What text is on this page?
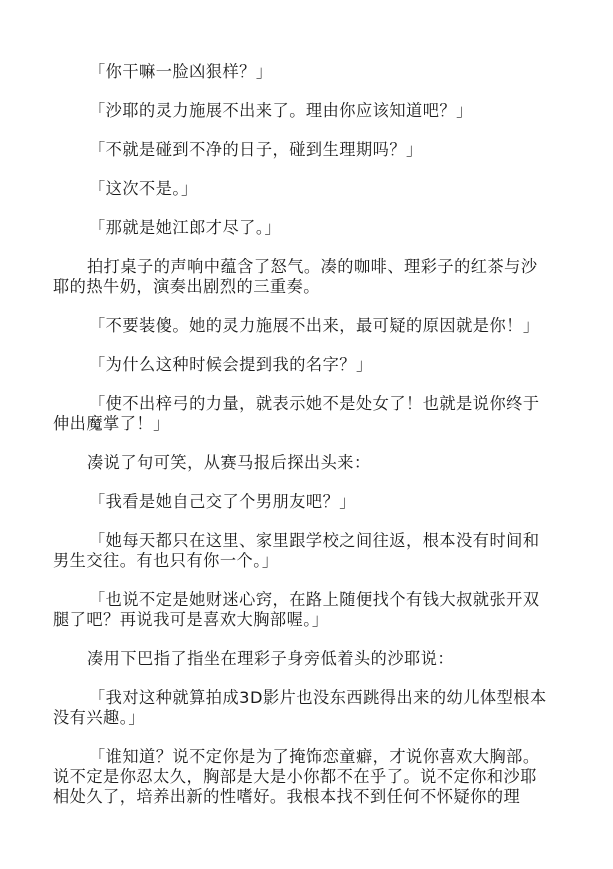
「你干嘛一脸凶狠样？」
「沙耶的灵力施展不出来了。理由你应该知道吧？」
「不就是碰到不净的日子，碰到生理期吗？」
「这次不是。」
「那就是她江郎才尽了。」
拍打桌子的声响中蕴含了怒气。凑的咖啡、理彩子的红茶与沙
耶的热牛奶，演奏出剧烈的三重奏。
「不要装傻。她的灵力施展不出来，最可疑的原因就是你！」
「为什么这种时候会提到我的名字？」
「使不出梓弓的力量，就表示她不是处女了！也就是说你终于
伸出魔掌了！」
凑说了句可笑，从赛马报后探出头来：
「我看是她自己交了个男朋友吧？」
「她每天都只在这里、家里跟学校之间往返，根本没有时间和
男生交往。有也只有你一个。」
「也说不定是她财迷心窍，在路上随便找个有钱大叔就张开双
腿了吧？再说我可是喜欢大胸部喔。」
凑用下巴指了指坐在理彩子身旁低着头的沙耶说：
「我对这种就算拍成3D影片也没东西跳得出来的幼儿体型根本
没有兴趣。」
「谁知道？说不定你是为了掩饰恋童癖，才说你喜欢大胸部。
说不定是你忍太久，胸部是大是小你都不在乎了。说不定你和沙耶
相处久了，培养出新的性嗜好。我根本找不到任何不怀疑你的理
